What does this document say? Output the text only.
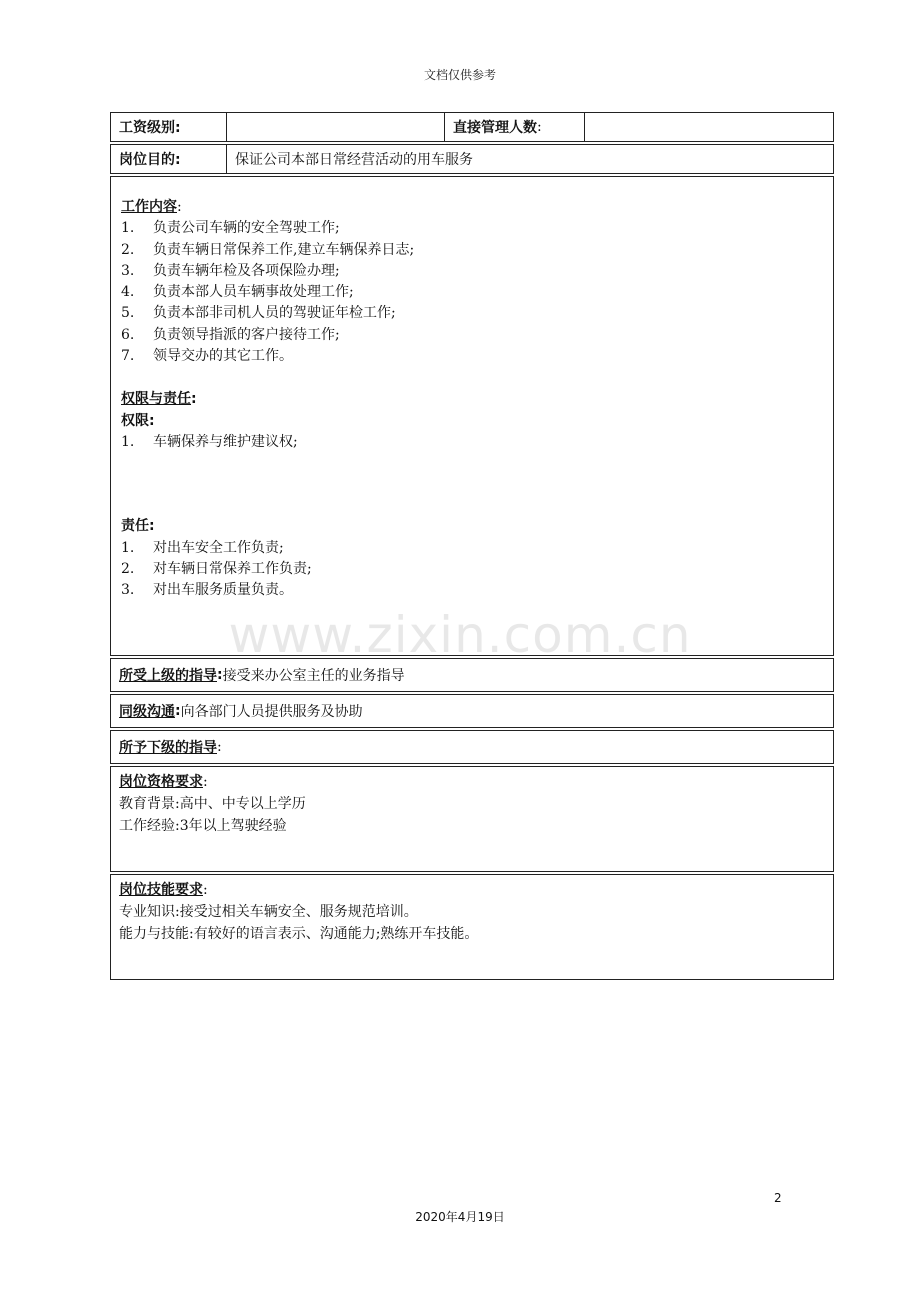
文档仅供参考
工资级别:	直接管理人数 :
岗位目的:	保证公司本部日常经营活动的用车服务
工作内容:
1.	负责公司车辆的安全驾驶工作;
2.	负责车辆日常保养工作,建立车辆保养日志;
3.	负责车辆年检及各项保险办理;
4.	负责本部人员车辆事故处理工作;
5.	负责本部非司机人员的驾驶证年检工作;
6.	负责领导指派的客户接待工作;
7.	领导交办的其它工作。
权限与责任:
权限:
1.	车辆保养与维护建议权;
责任:
1.	对出车安全工作负责;
2.	对车辆日常保养工作负责;
3.	对出车服务质量负责。
所受上级的指导 : 接受来办公室主任的业务指导
同级沟通 : 向各部门人员提供服务及协助
所予下级的指导 :
岗位资格要求:
教育背景:高中、中专以上学历
工作经验:3年以上驾驶经验
岗位技能要求:
专业知识:接受过相关车辆安全、服务规范培训。
能力与技能:有较好的语言表示、沟通能力;熟练开车技能。
www.zixin.com.cn
2
2020年4月19日
